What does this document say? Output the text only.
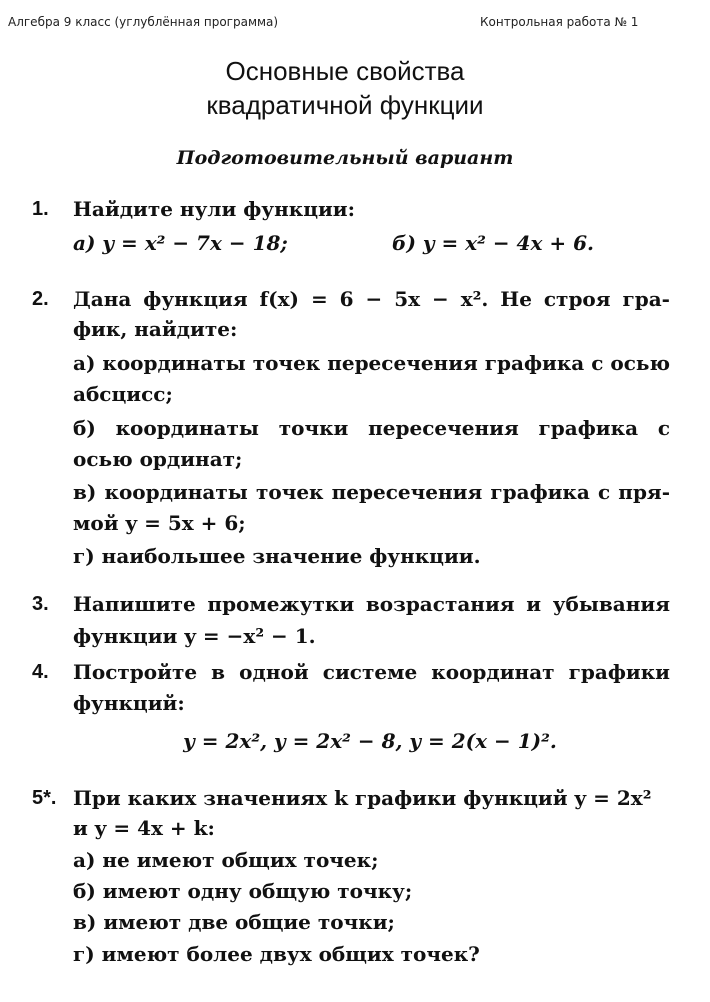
Алгебра 9 класс (углублённая программа)	Контрольная работа № 1
Основные свойства
квадратичной функции
Подготовительный вариант
1. Найдите нули функции:
а) y = x² − 7x − 18;	б) y = x² − 4x + 6.
2. Дана функция f(x) = 6 − 5x − x². Не строя гра-
фик, найдите:
а) координаты точек пересечения графика с осью
абсцисс;
б) координаты точки пересечения графика с
осью ординат;
в) координаты точек пересечения графика с пря-
мой y = 5x + 6;
г) наибольшее значение функции.
3. Напишите промежутки возрастания и убывания
функции y = −x² − 1.
4. Постройте в одной системе координат графики
функций:
y = 2x², y = 2x² − 8, y = 2(x − 1)².
5*. При каких значениях k графики функций y = 2x²
и y = 4x + k:
а) не имеют общих точек;
б) имеют одну общую точку;
в) имеют две общие точки;
г) имеют более двух общих точек?
